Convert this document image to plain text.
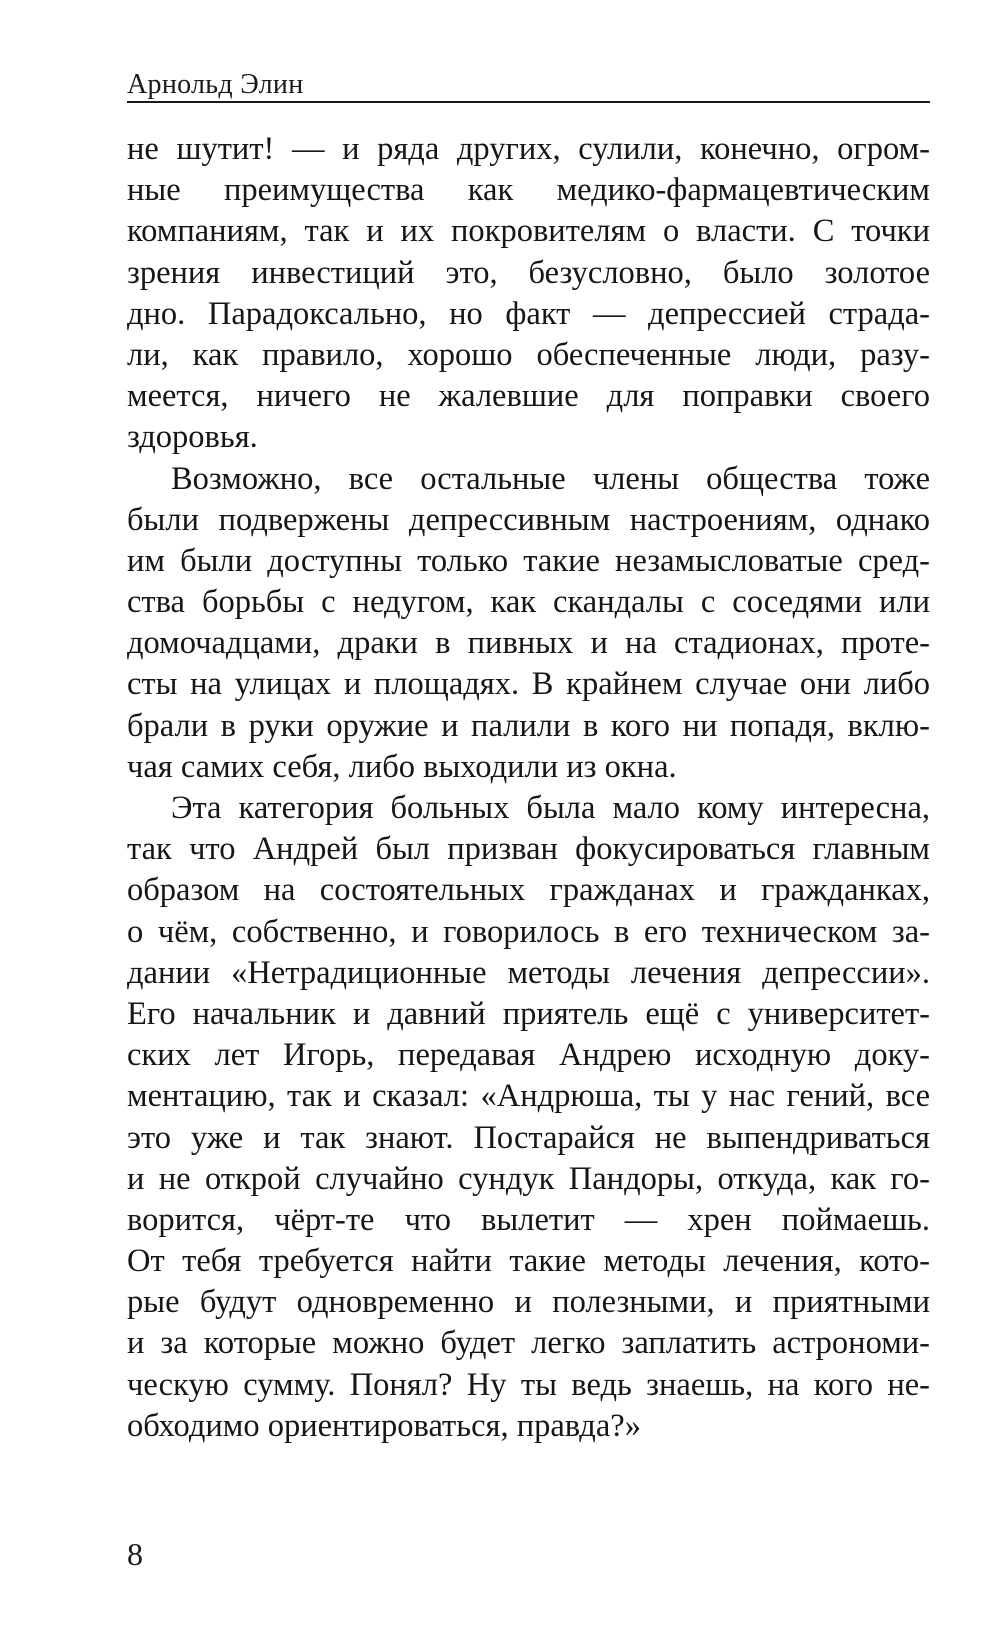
Арнольд Элин
не шутит! — и ряда других, сулили, конечно, огром-
ные преимущества как медико-фармацевтическим
компаниям, так и их покровителям о власти. С точки
зрения инвестиций это, безусловно, было золотое
дно. Парадоксально, но факт — депрессией страда-
ли, как правило, хорошо обеспеченные люди, разу-
меется, ничего не жалевшие для поправки своего
здоровья.
Возможно, все остальные члены общества тоже
были подвержены депрессивным настроениям, однако
им были доступны только такие незамысловатые сред-
ства борьбы с недугом, как скандалы с соседями или
домочадцами, драки в пивных и на стадионах, проте-
сты на улицах и площадях. В крайнем случае они либо
брали в руки оружие и палили в кого ни попадя, вклю-
чая самих себя, либо выходили из окна.
Эта категория больных была мало кому интересна,
так что Андрей был призван фокусироваться главным
образом на состоятельных гражданах и гражданках,
о чём, собственно, и говорилось в его техническом за-
дании «Нетрадиционные методы лечения депрессии».
Его начальник и давний приятель ещё с университет-
ских лет Игорь, передавая Андрею исходную доку-
ментацию, так и сказал: «Андрюша, ты у нас гений, все
это уже и так знают. Постарайся не выпендриваться
и не открой случайно сундук Пандоры, откуда, как го-
ворится, чёрт-те что вылетит — хрен поймаешь.
От тебя требуется найти такие методы лечения, кото-
рые будут одновременно и полезными, и приятными
и за которые можно будет легко заплатить астрономи-
ческую сумму. Понял? Ну ты ведь знаешь, на кого не-
обходимо ориентироваться, правда?»
8
